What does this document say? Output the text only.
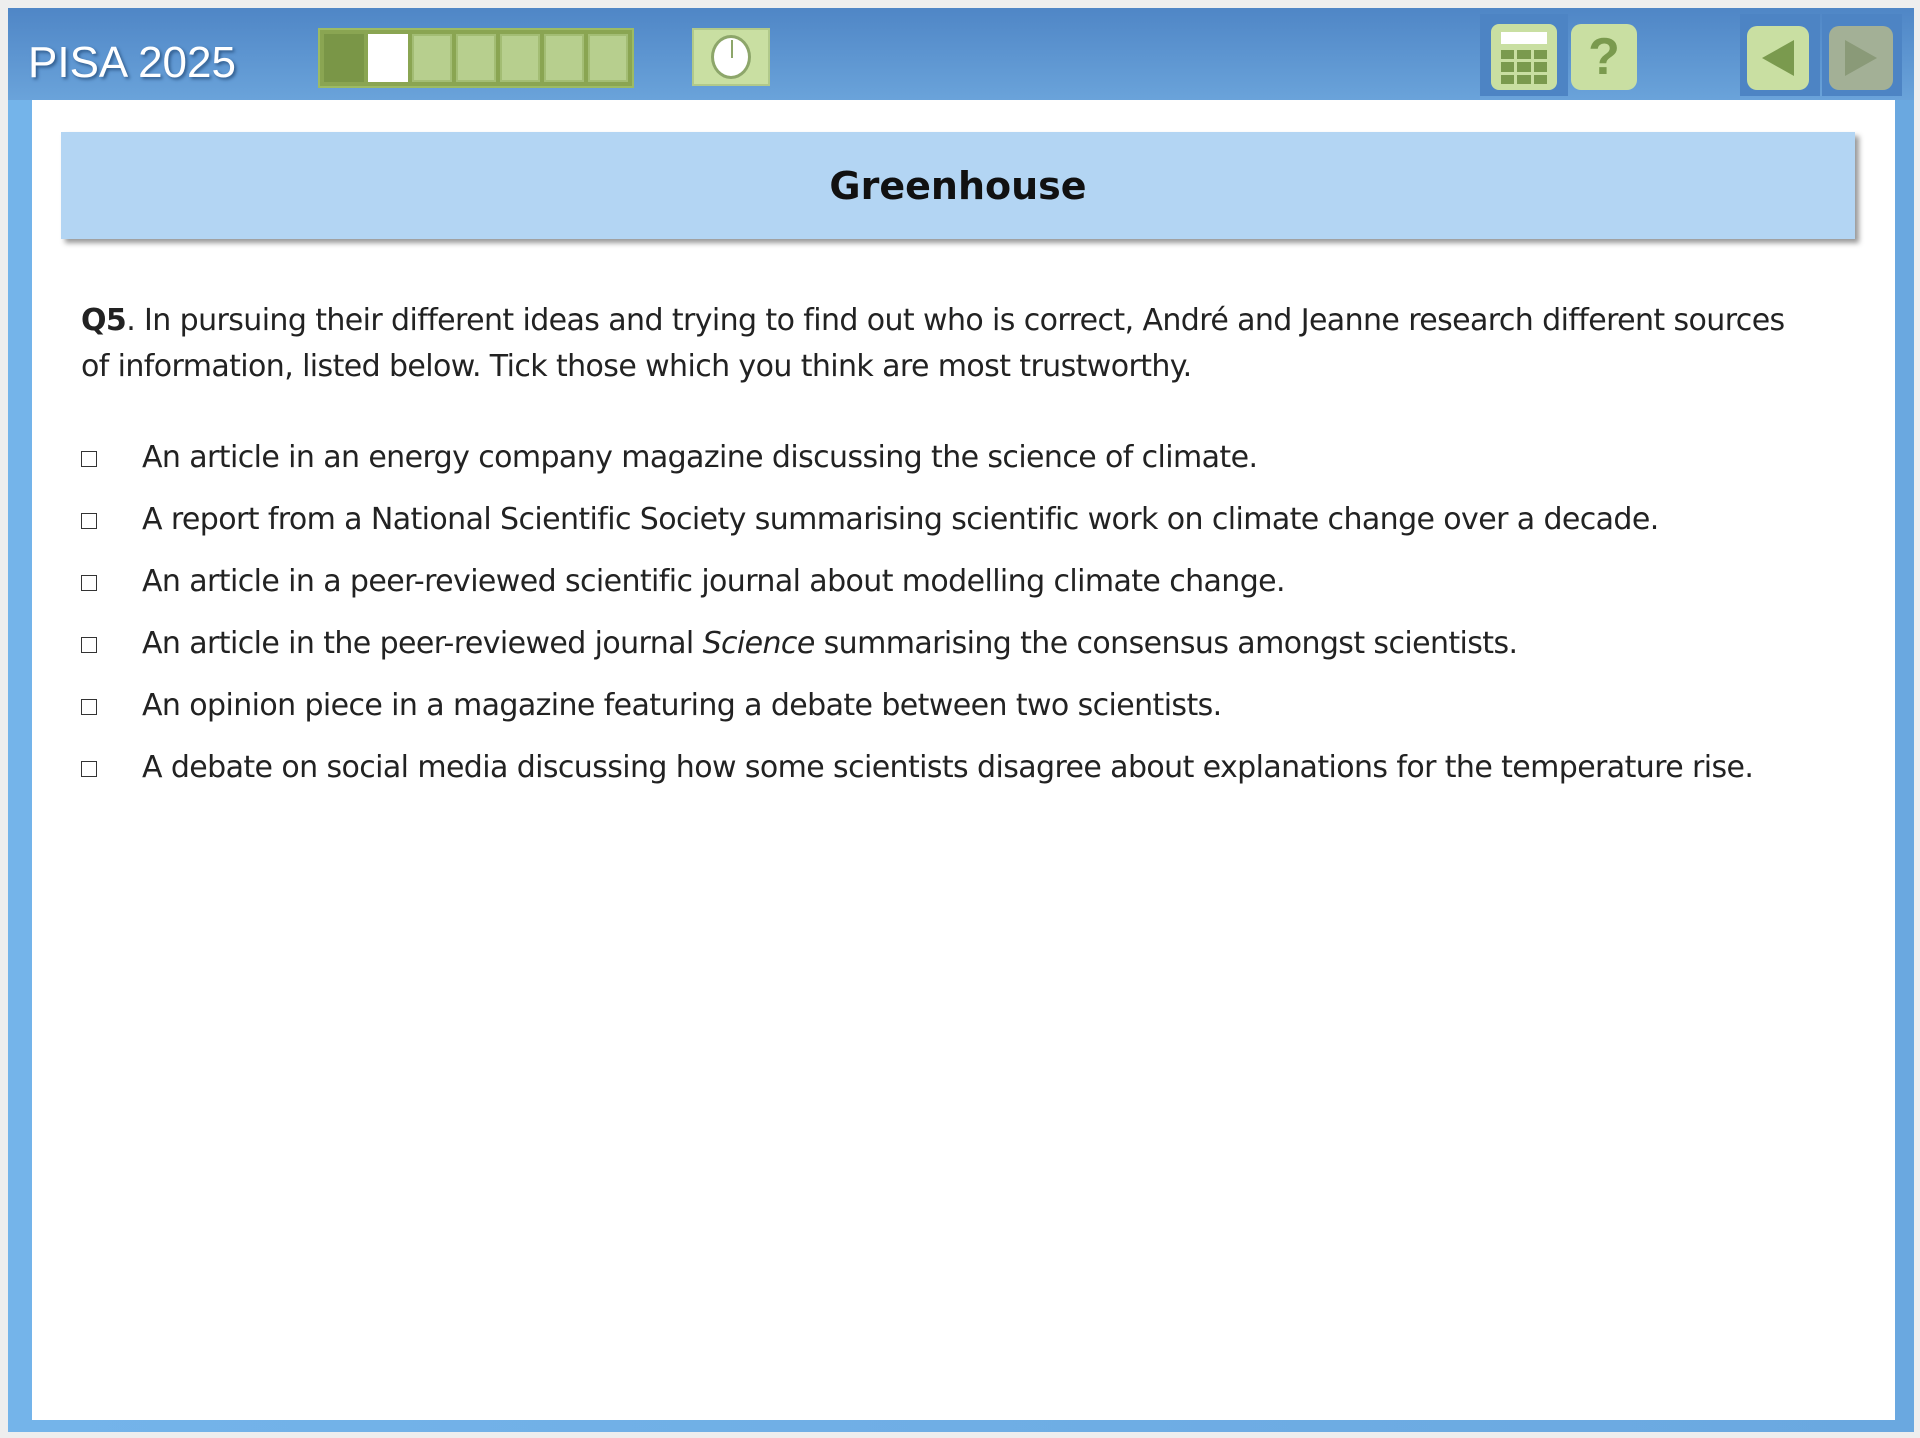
PISA 2025	?
Greenhouse

Q5. In pursuing their different ideas and trying to find out who is correct, André and Jeanne research different sources of information, listed below. Tick those which you think are most trustworthy.

An article in an energy company magazine discussing the science of climate.
A report from a National Scientific Society summarising scientific work on climate change over a decade.
An article in a peer-reviewed scientific journal about modelling climate change.
An article in the peer-reviewed journal Science summarising the consensus amongst scientists.
An opinion piece in a magazine featuring a debate between two scientists.
A debate on social media discussing how some scientists disagree about explanations for the temperature rise.
